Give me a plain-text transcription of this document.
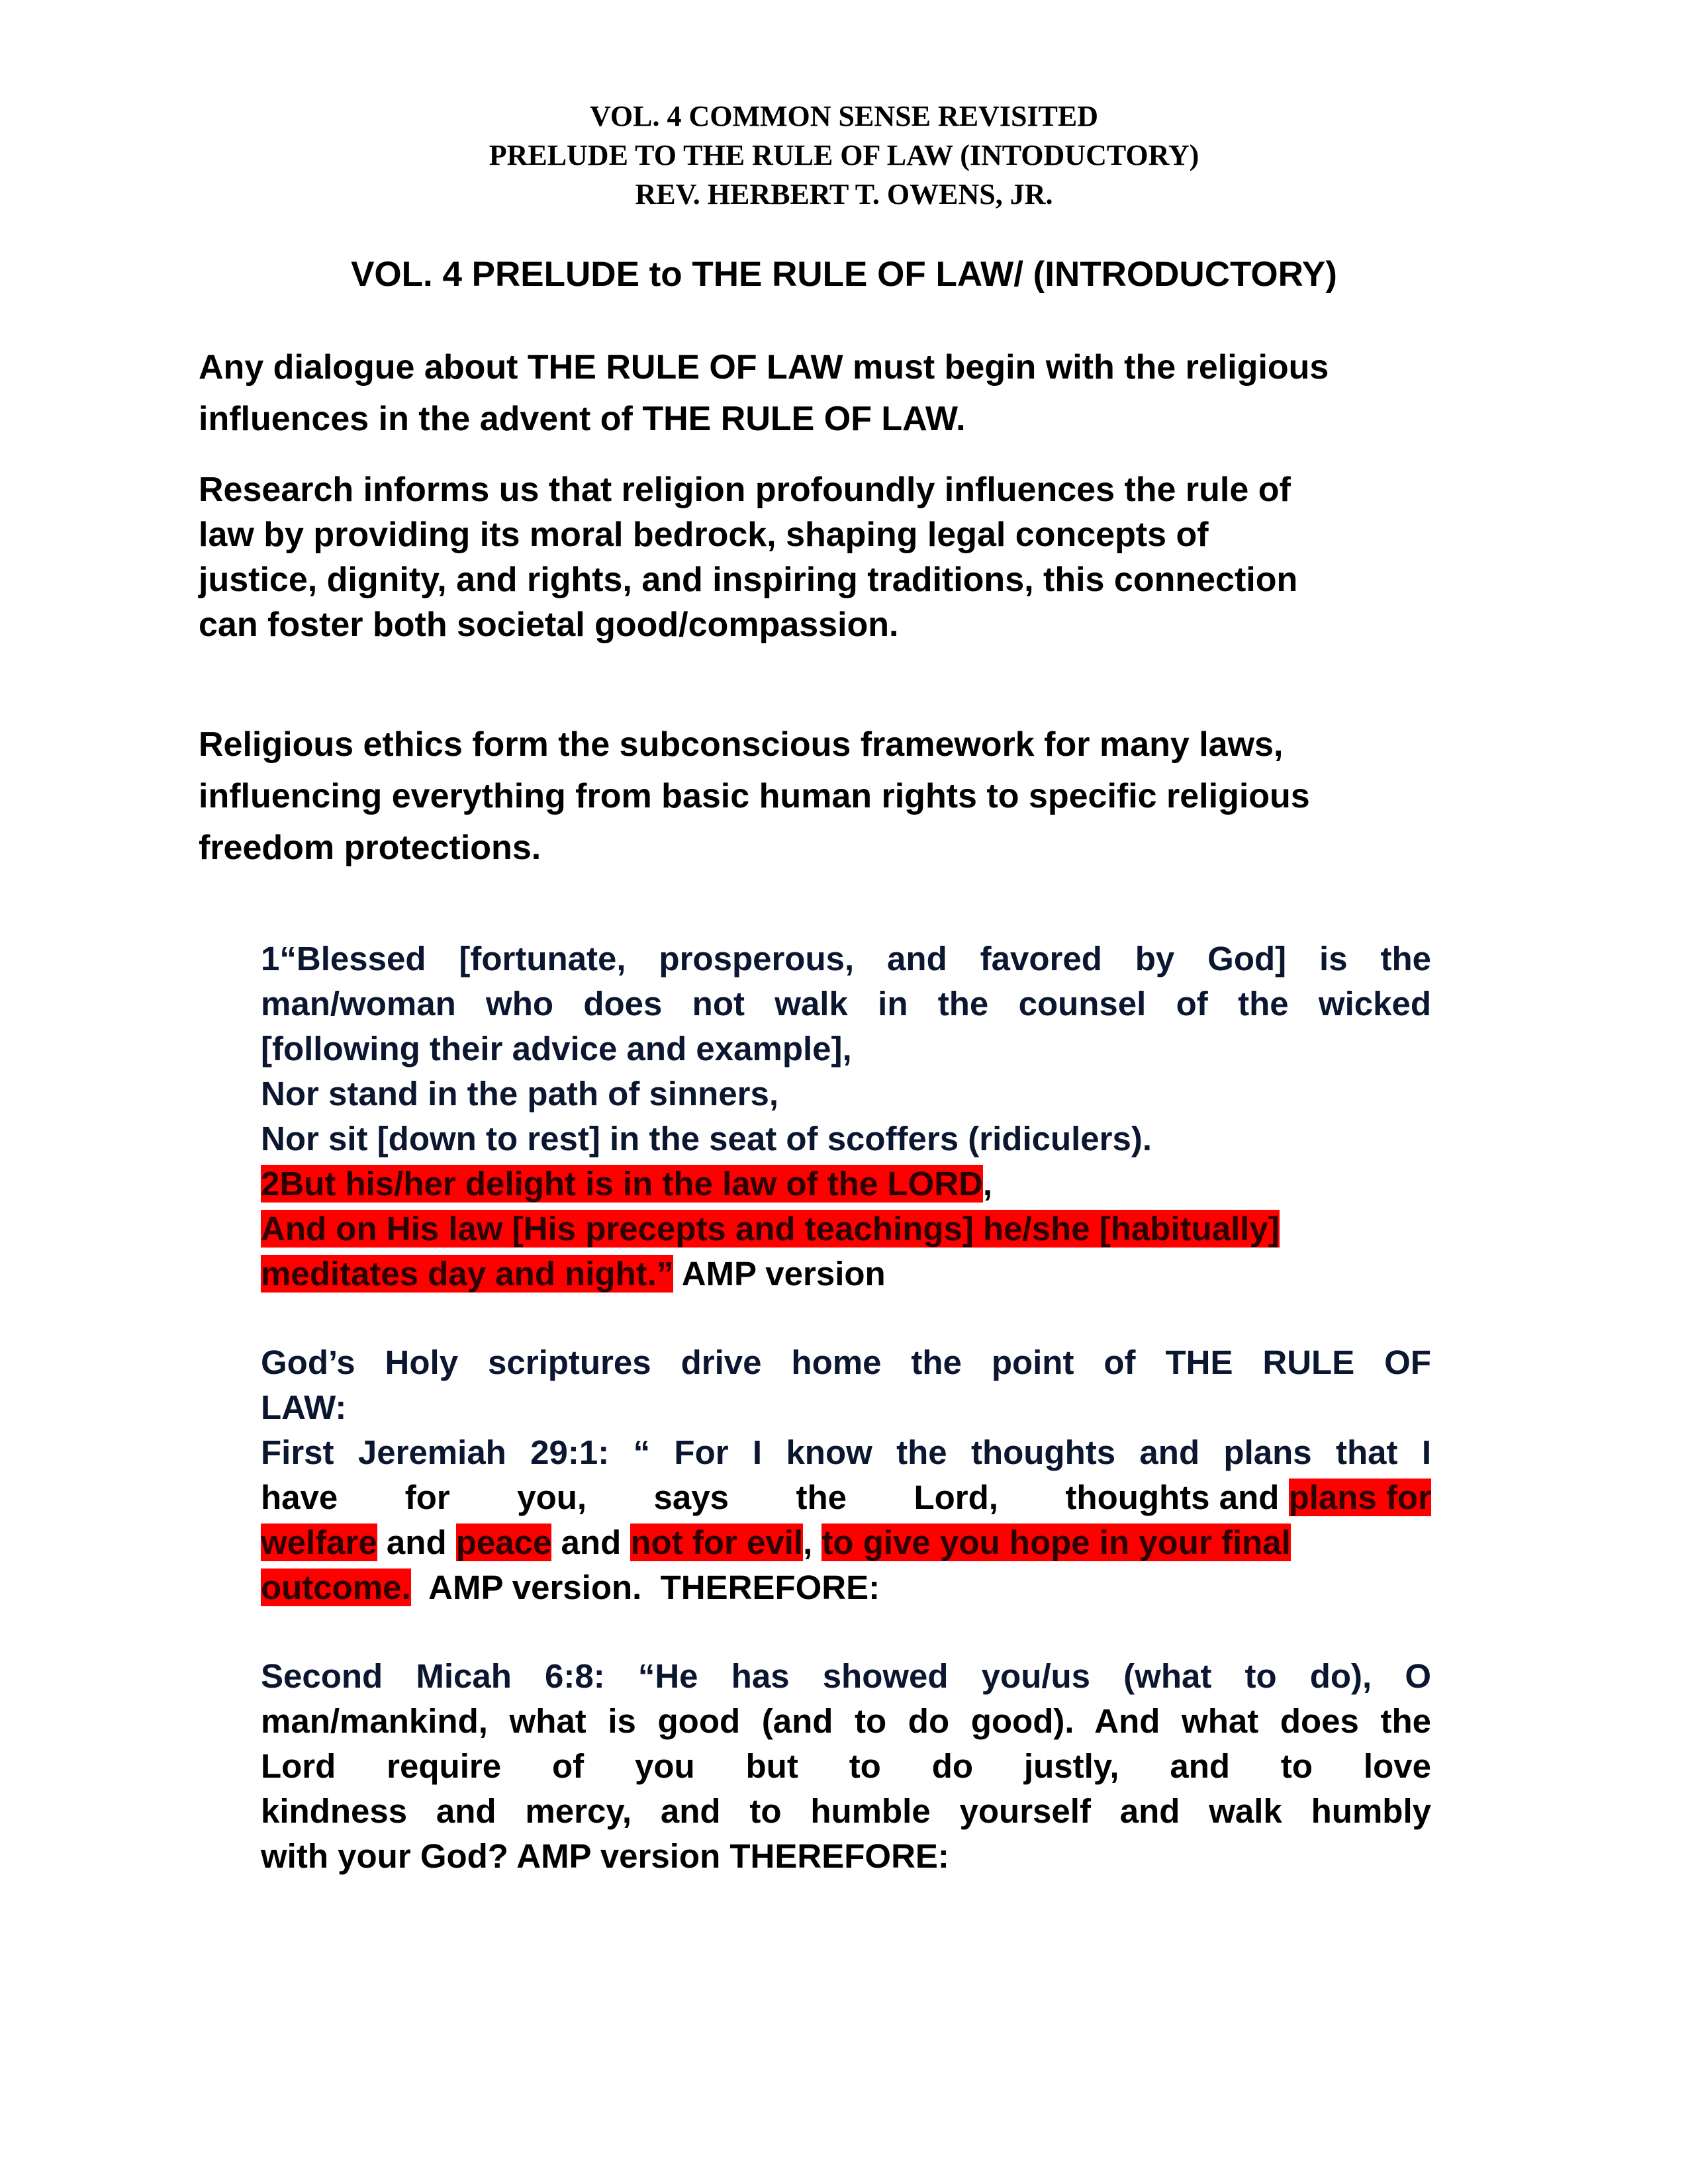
VOL. 4 COMMON SENSE REVISITED
PRELUDE TO THE RULE OF LAW (INTODUCTORY)
REV. HERBERT T. OWENS, JR.
VOL. 4 PRELUDE to THE RULE OF LAW/ (INTRODUCTORY)
Any dialogue about THE RULE OF LAW must begin with the religious
influences in the advent of THE RULE OF LAW.
Research informs us that religion profoundly influences the rule of
law by providing its moral bedrock, shaping legal concepts of
justice, dignity, and rights, and inspiring traditions, this connection
can foster both societal good/compassion.
Religious ethics form the subconscious framework for many laws,
influencing everything from basic human rights to specific religious
freedom protections.
1“Blessed [fortunate, prosperous, and favored by God] is the
man/woman who does not walk in the counsel of the wicked
[following their advice and example],
Nor stand in the path of sinners,
Nor sit [down to rest] in the seat of scoffers (ridiculers).
2But his/her delight is in the law of the LORD,
And on His law [His precepts and teachings] he/she [habitually]
meditates day and night.” AMP version
God’s Holy scriptures drive home the point of THE RULE OF
LAW:
First Jeremiah 29:1: “ For I know the thoughts and plans that I
have for you, says the Lord, thoughts and plans for
welfare and peace and not for evil, to give you hope in your final
outcome.  AMP version.  THEREFORE:
Second Micah 6:8: “He has showed you/us (what to do), O
man/mankind, what is good (and to do good). And what does the
Lord require of you but to do justly, and to love
kindness and mercy, and to humble yourself and walk humbly
with your God? AMP version THEREFORE:
